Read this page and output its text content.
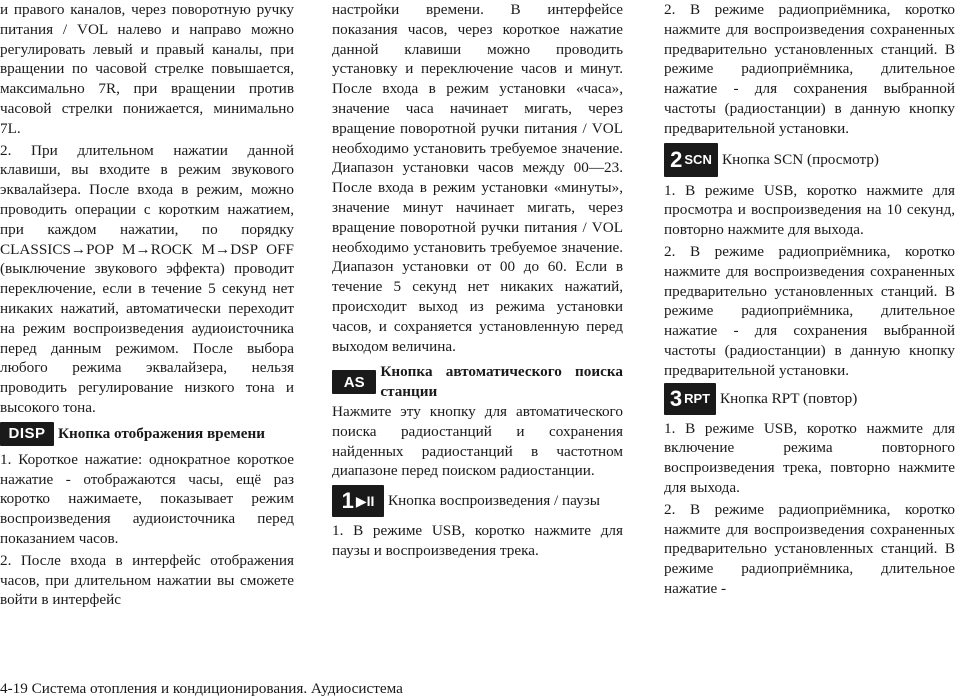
и правого каналов, через поворотную ручку питания / VOL налево и направо можно регулировать левый и правый каналы, при вращении по часовой стрелке повышается, максимально 7R, при вращении против часовой стрелки понижается, минимально 7L.

2. При длительном нажатии данной клавиши, вы входите в режим звукового эквалайзера. После входа в режим, можно проводить операции с коротким нажатием, при каждом нажатии, по порядку CLASSICS→POP M→ROCK M→DSP OFF (выключение звукового эффекта) проводит переключение, если в течение 5 секунд нет никаких нажатий, автоматически переходит на режим воспроизведения аудиоисточника перед данным режимом. После выбора любого режима эквалайзера, нельзя проводить регулирование низкого тона и высокого тона.

DISP Кнопка отображения времени

1. Короткое нажатие: однократное короткое нажатие - отображаются часы, ещё раз коротко нажимаете, показывает режим воспроизведения аудиоисточника перед показанием часов.

2. После входа в интерфейс отображения часов, при длительном нажатии вы сможете войти в интерфейс

настройки времени. В интерфейсе показания часов, через короткое нажатие данной клавиши можно проводить установку и переключение часов и минут. После входа в режим установки «часа», значение часа начинает мигать, через вращение поворотной ручки питания / VOL необходимо установить требуемое значение. Диапазон установки часов между 00—23. После входа в режим установки «минуты», значение минут начинает мигать, через вращение поворотной ручки питания / VOL необходимо установить требуемое значение. Диапазон установки от 00 до 60. Если в течение 5 секунд нет никаких нажатий, происходит выход из режима установки часов, и сохраняется установленную перед выходом величина.

AS
Кнопка автоматического поиска станции

Нажмите эту кнопку для автоматического поиска радиостанций и сохранения найденных радиостанций в частотном диапазоне перед поиском радиостанции.

1 ▶II Кнопка воспроизведения / паузы

1. В режиме USB, коротко нажмите для паузы и воспроизведения трека.

2. В режиме радиоприёмника, коротко нажмите для воспроизведения сохраненных предварительно установленных станций. В режиме радиоприёмника, длительное нажатие - для сохранения выбранной частоты (радиостанции) в данную кнопку предварительной установки.

2 SCN Кнопка SCN (просмотр)

1. В режиме USB, коротко нажмите для просмотра и воспроизведения на 10 секунд, повторно нажмите для выхода.

2. В режиме радиоприёмника, коротко нажмите для воспроизведения сохраненных предварительно установленных станций. В режиме радиоприёмника, длительное нажатие - для сохранения выбранной частоты (радиостанции) в данную кнопку предварительной установки.

3 RPT Кнопка RPT (повтор)

1. В режиме USB, коротко нажмите для включение режима повторного воспроизведения трека, повторно нажмите для выхода.

2. В режиме радиоприёмника, коротко нажмите для воспроизведения сохраненных предварительно установленных станций. В режиме радиоприёмника, длительное нажатие -

4-19 Система отопления и кондиционирования. Аудиосистема
